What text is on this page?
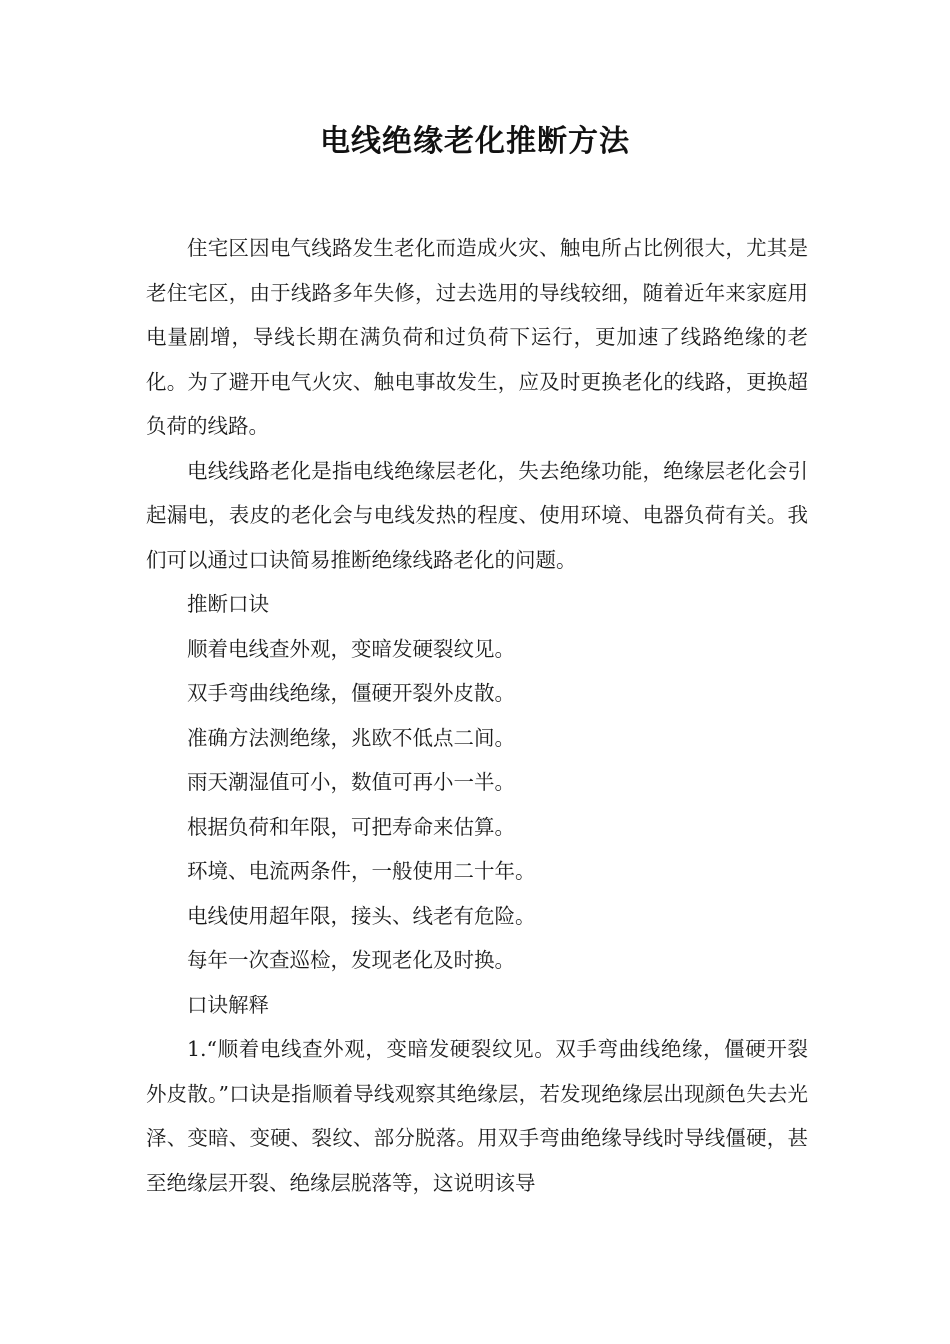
电线绝缘老化推断方法

住宅区因电气线路发生老化而造成火灾、触电所占比例很大，尤其是老住宅区，由于线路多年失修，过去选用的导线较细，随着近年来家庭用电量剧增，导线长期在满负荷和过负荷下运行，更加速了线路绝缘的老化。为了避开电气火灾、触电事故发生，应及时更换老化的线路，更换超负荷的线路。

电线线路老化是指电线绝缘层老化，失去绝缘功能，绝缘层老化会引起漏电，表皮的老化会与电线发热的程度、使用环境、电器负荷有关。我们可以通过口诀简易推断绝缘线路老化的问题。

推断口诀

顺着电线查外观，变暗发硬裂纹见。

双手弯曲线绝缘，僵硬开裂外皮散。

准确方法测绝缘，兆欧不低点二间。

雨天潮湿值可小，数值可再小一半。

根据负荷和年限，可把寿命来估算。

环境、电流两条件，一般使用二十年。

电线使用超年限，接头、线老有危险。

每年一次查巡检，发现老化及时换。

口诀解释

1.“顺着电线查外观，变暗发硬裂纹见。双手弯曲线绝缘，僵硬开裂外皮散。”口诀是指顺着导线观察其绝缘层，若发现绝缘层出现颜色失去光泽、变暗、变硬、裂纹、部分脱落。用双手弯曲绝缘导线时导线僵硬，甚至绝缘层开裂、绝缘层脱落等，这说明该导
